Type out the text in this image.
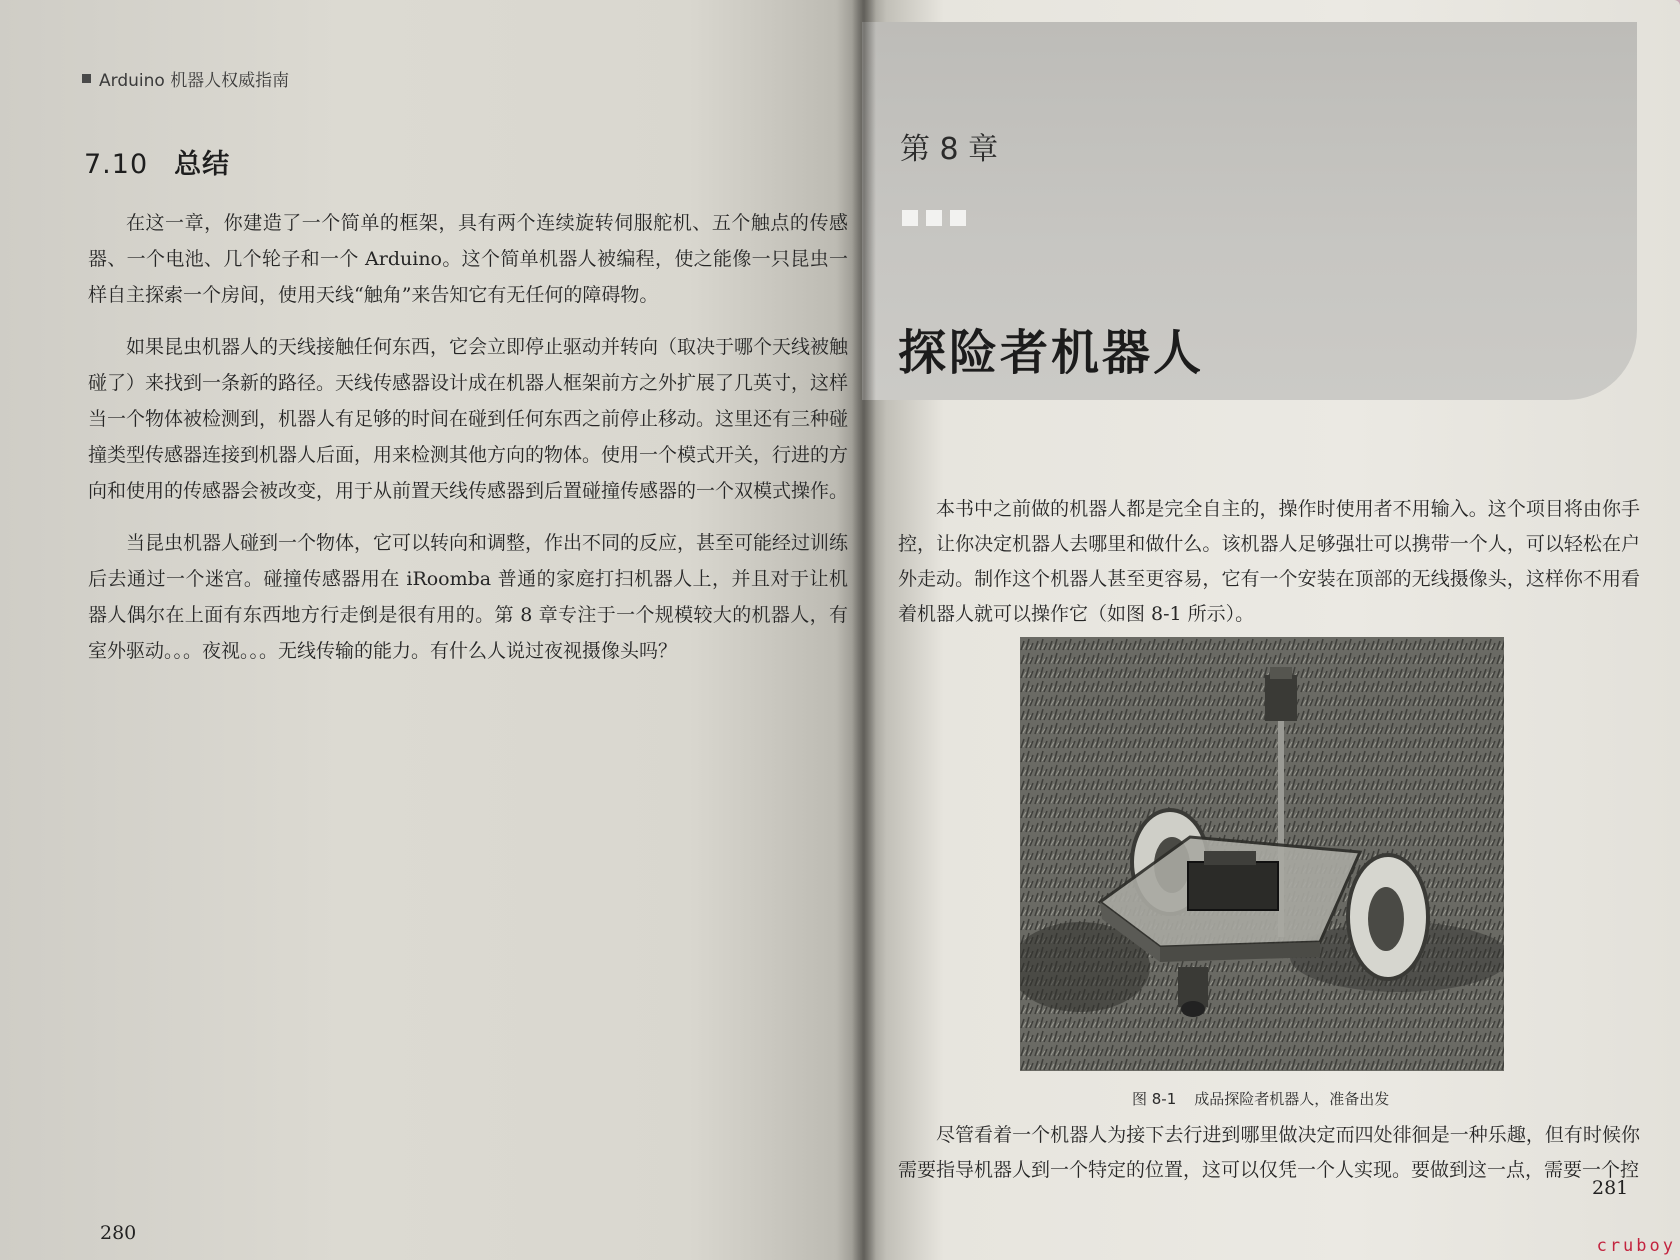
Arduino 机器人权威指南
7.10 总结

在这一章，你建造了一个简单的框架，具有两个连续旋转伺服舵机、五个触点的传感器、一个电池、几个轮子和一个 Arduino。这个简单机器人被编程，使之能像一只昆虫一样自主探索一个房间，使用天线“触角”来告知它有无任何的障碍物。

如果昆虫机器人的天线接触任何东西，它会立即停止驱动并转向（取决于哪个天线被触碰了）来找到一条新的路径。天线传感器设计成在机器人框架前方之外扩展了几英寸，这样当一个物体被检测到，机器人有足够的时间在碰到任何东西之前停止移动。这里还有三种碰撞类型传感器连接到机器人后面，用来检测其他方向的物体。使用一个模式开关，行进的方向和使用的传感器会被改变，用于从前置天线传感器到后置碰撞传感器的一个双模式操作。

当昆虫机器人碰到一个物体，它可以转向和调整，作出不同的反应，甚至可能经过训练后去通过一个迷宫。碰撞传感器用在 iRoomba 普通的家庭打扫机器人上，并且对于让机器人偶尔在上面有东西地方行走倒是很有用的。第 8 章专注于一个规模较大的机器人，有室外驱动。。。夜视。。。无线传输的能力。有什么人说过夜视摄像头吗？

280
第 8 章
探险者机器人

本书中之前做的机器人都是完全自主的，操作时使用者不用输入。这个项目将由你手控，让你决定机器人去哪里和做什么。该机器人足够强壮可以携带一个人，可以轻松在户外走动。制作这个机器人甚至更容易，它有一个安装在顶部的无线摄像头，这样你不用看着机器人就可以操作它（如图 8-1 所示）。

图 8-1 成品探险者机器人，准备出发

尽管看着一个机器人为接下去行进到哪里做决定而四处徘徊是一种乐趣，但有时候你需要指导机器人到一个特定的位置，这可以仅凭一个人实现。要做到这一点，需要一个控

281
cruboy
